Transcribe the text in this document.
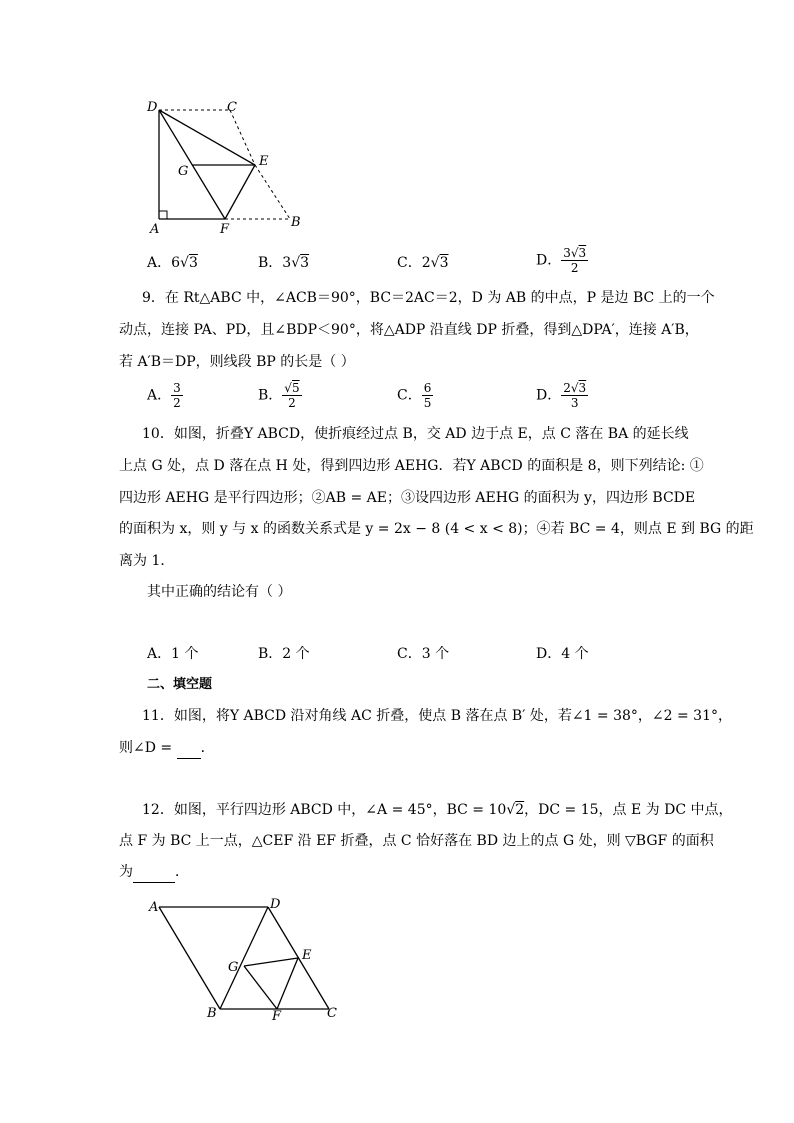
D	C
G
E
A	F	B
A．6√3	B．3√3	C．2√3	D． $\frac{3√3}{2}$
9．在 Rt△ABC 中，∠ACB＝90°，BC＝2AC＝2，D 为 AB 的中点，P 是边 BC 上的一个
动点，连接 PA、PD，且∠BDP＜90°，将△ADP 沿直线 DP 折叠，得到△DPA′，连接 A′B，
若 A′B＝DP，则线段 BP 的长是（ ）
A． $\frac{3}{2}$	B． $\frac{√5}{2}$	C． $\frac{6}{5}$	D． $\frac{2√3}{3}$
10．如图，折叠Y ABCD，使折痕经过点 B，交 AD 边于点 E，点 C 落在 BA 的延长线
上点 G 处，点 D 落在点 H 处，得到四边形 AEHG．若Y ABCD 的面积是 8，则下列结论: ①
四边形 AEHG 是平行四边形；②AB = AE；③设四边形 AEHG 的面积为 y，四边形 BCDE
的面积为 x，则 y 与 x 的函数关系式是 y = 2x − 8 (4 < x < 8)；④若 BC = 4，则点 E 到 BG 的距
离为 1．
其中正确的结论有（ ）
A．1 个	B．2 个	C．3 个	D．4 个
二、填空题
11．如图，将Y ABCD 沿对角线 AC 折叠，使点 B 落在点 B′ 处，若∠1 = 38°，∠2 = 31°，
则∠D = ．
12．如图，平行四边形 ABCD 中，∠A = 45°，BC = 10√2，DC = 15，点 E 为 DC 中点，
点 F 为 BC 上一点，△CEF 沿 EF 折叠，点 C 恰好落在 BD 边上的点 G 处，则 ▽BGF 的面积
为	．
A	D
E
G
B	F	C
